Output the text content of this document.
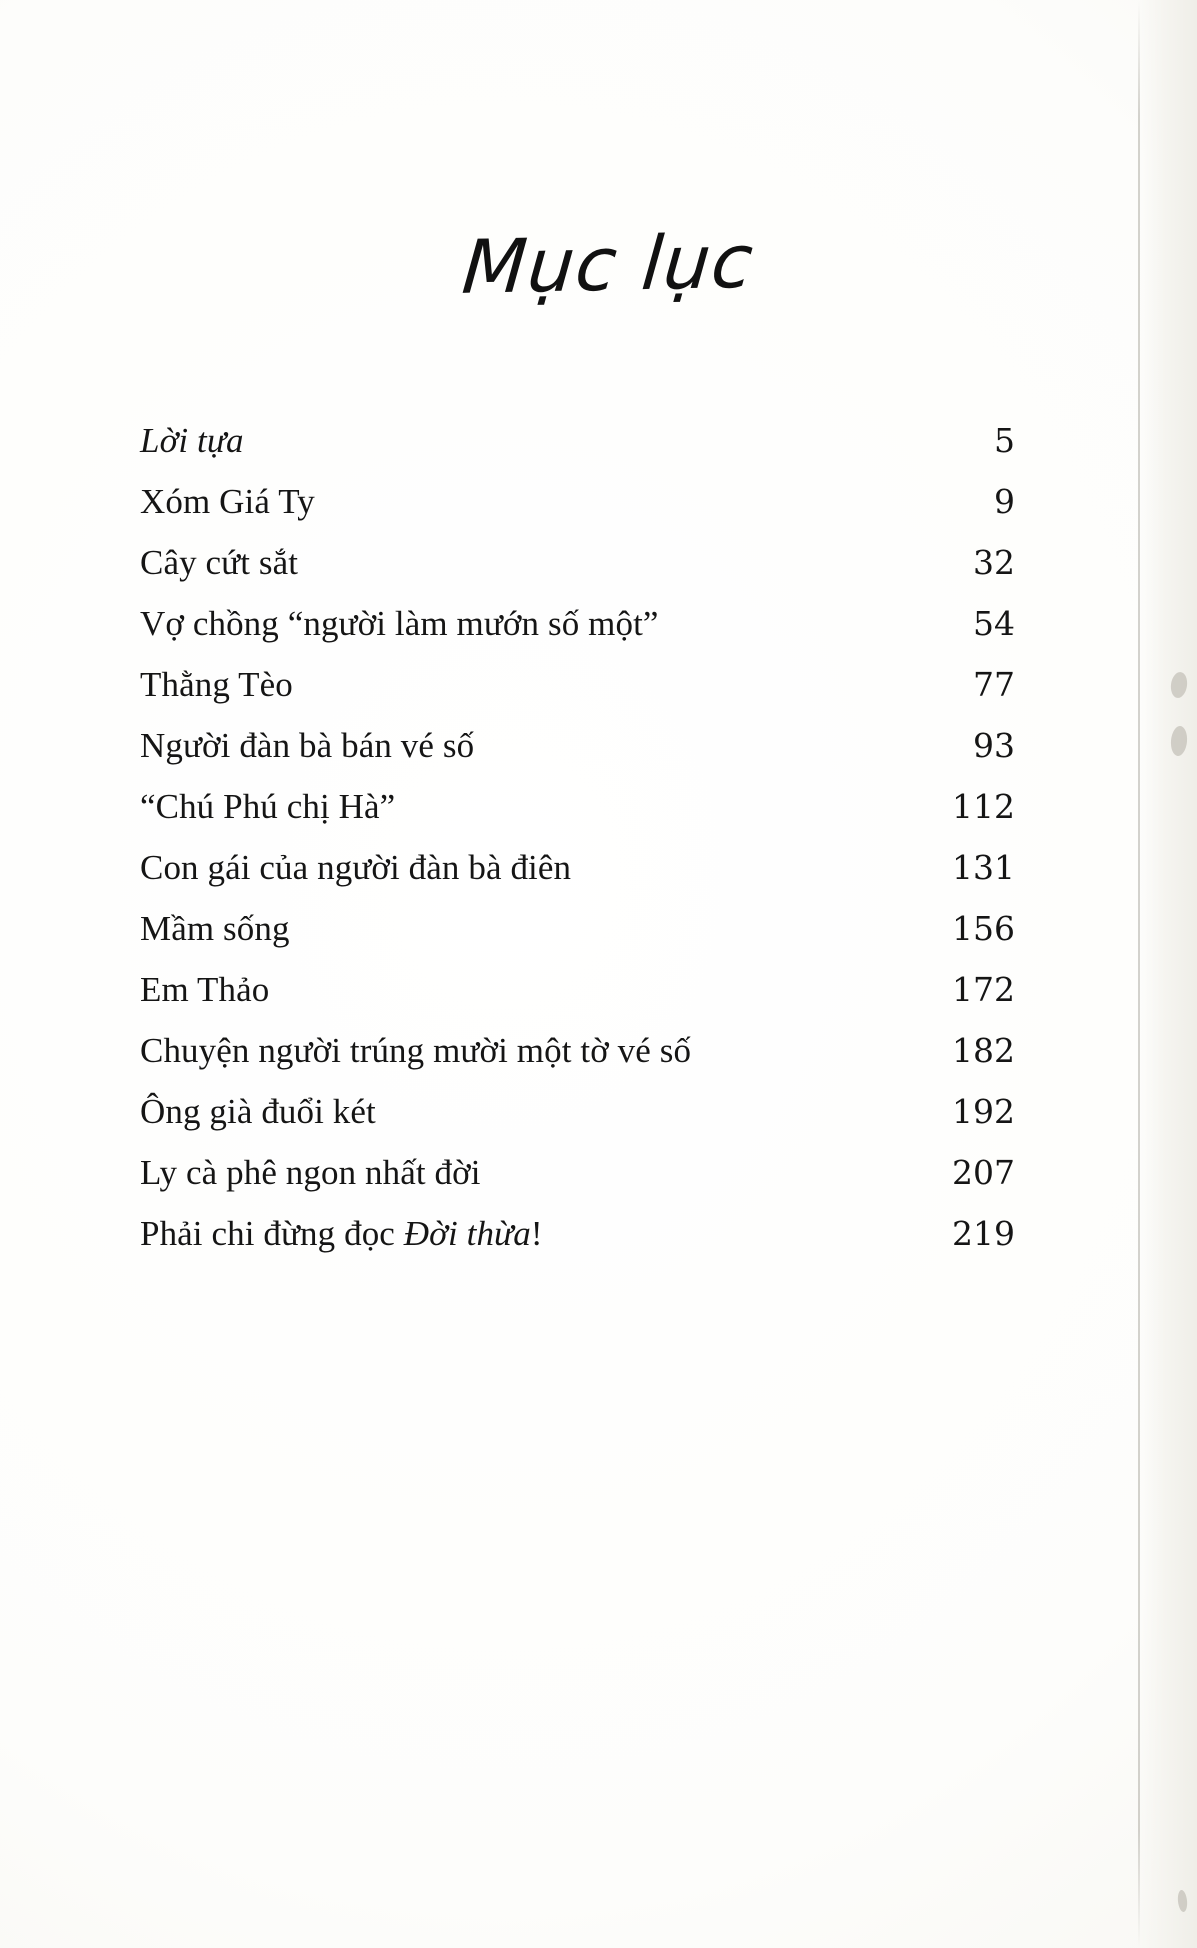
Mục lục
Lời tựa	5
Xóm Giá Ty	9
Cây cứt sắt	32
Vợ chồng “người làm mướn số một”	54
Thằng Tèo	77
Người đàn bà bán vé số	93
“Chú Phú chị Hà”	112
Con gái của người đàn bà điên	131
Mầm sống	156
Em Thảo	172
Chuyện người trúng mười một tờ vé số	182
Ông già đuổi két	192
Ly cà phê ngon nhất đời	207
Phải chi đừng đọc Đời thừa!	219
